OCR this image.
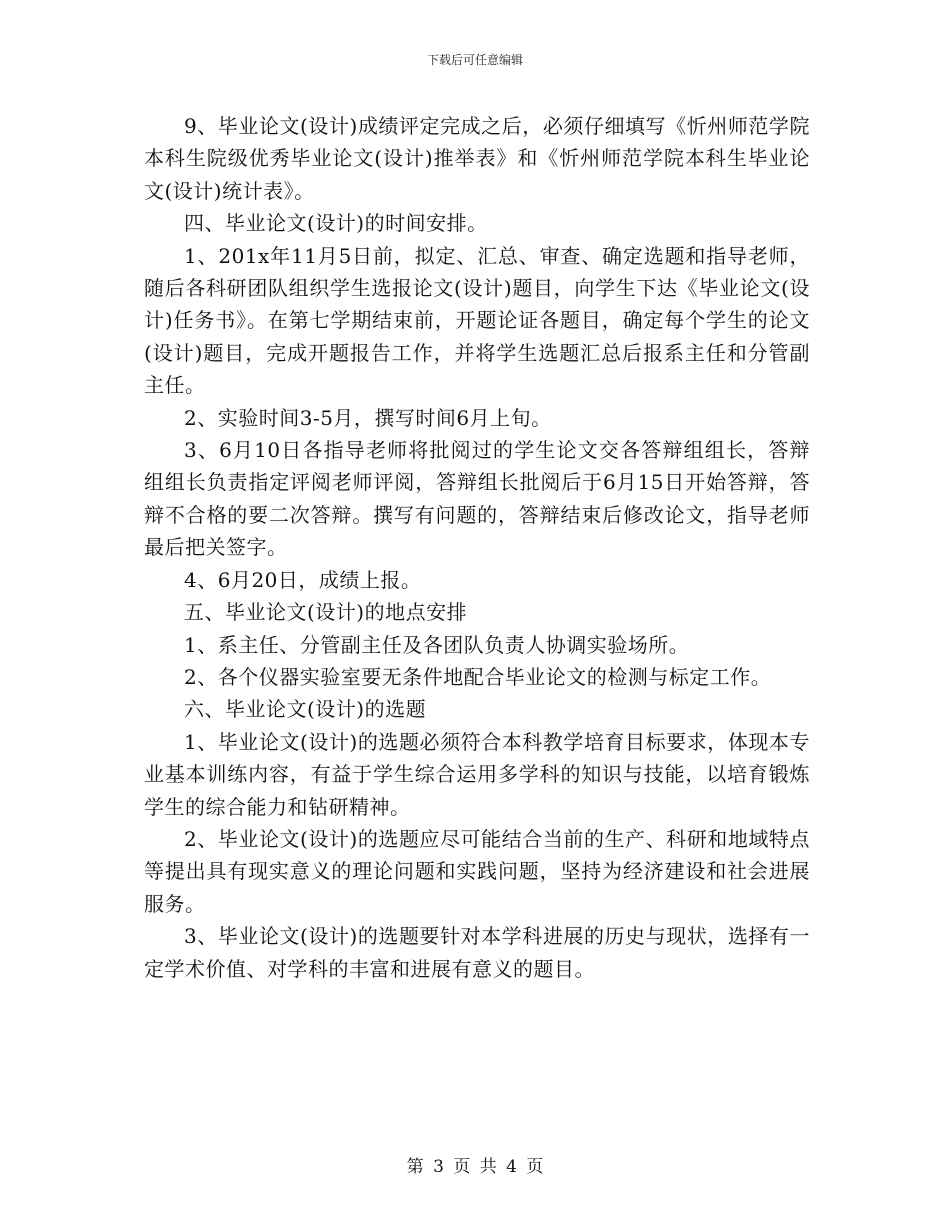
下载后可任意编辑

9、毕业论文(设计)成绩评定完成之后，必须仔细填写《忻州师范学院本科生院级优秀毕业论文(设计)推举表》和《忻州师范学院本科生毕业论文(设计)统计表》。

四、毕业论文(设计)的时间安排。

1、201x年11月5日前，拟定、汇总、审查、确定选题和指导老师，随后各科研团队组织学生选报论文(设计)题目，向学生下达《毕业论文(设计)任务书》。在第七学期结束前，开题论证各题目，确定每个学生的论文(设计)题目，完成开题报告工作，并将学生选题汇总后报系主任和分管副主任。

2、实验时间3-5月，撰写时间6月上旬。

3、6月10日各指导老师将批阅过的学生论文交各答辩组组长，答辩组组长负责指定评阅老师评阅，答辩组长批阅后于6月15日开始答辩，答辩不合格的要二次答辩。撰写有问题的，答辩结束后修改论文，指导老师最后把关签字。

4、6月20日，成绩上报。

五、毕业论文(设计)的地点安排

1、系主任、分管副主任及各团队负责人协调实验场所。

2、各个仪器实验室要无条件地配合毕业论文的检测与标定工作。

六、毕业论文(设计)的选题

1、毕业论文(设计)的选题必须符合本科教学培育目标要求，体现本专业基本训练内容，有益于学生综合运用多学科的知识与技能，以培育锻炼学生的综合能力和钻研精神。

2、毕业论文(设计)的选题应尽可能结合当前的生产、科研和地域特点等提出具有现实意义的理论问题和实践问题，坚持为经济建设和社会进展服务。

3、毕业论文(设计)的选题要针对本学科进展的历史与现状，选择有一定学术价值、对学科的丰富和进展有意义的题目。

第 3 页 共 4 页
